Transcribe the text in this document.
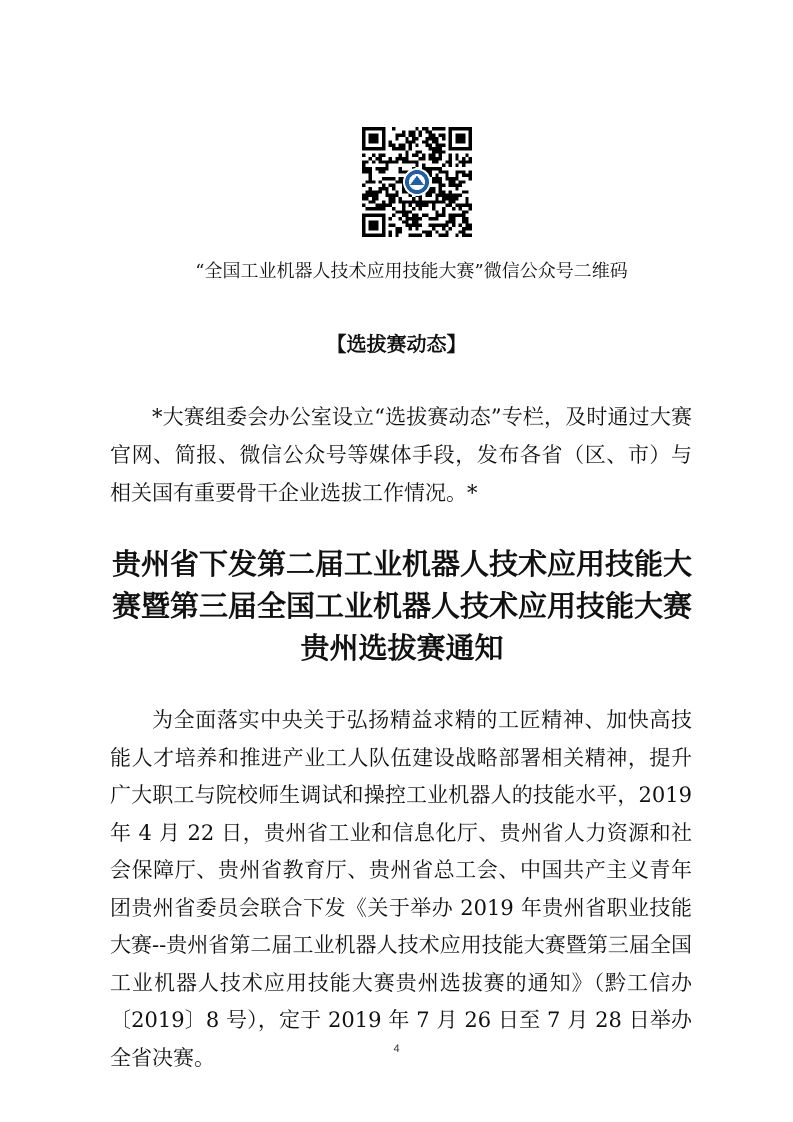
“全国工业机器人技术应用技能大赛”微信公众号二维码
【选拔赛动态】
*大赛组委会办公室设立“选拔赛动态”专栏，及时通过大赛官网、简报、微信公众号等媒体手段，发布各省（区、市）与相关国有重要骨干企业选拔工作情况。*
贵州省下发第二届工业机器人技术应用技能大赛暨第三届全国工业机器人技术应用技能大赛贵州选拔赛通知
为全面落实中央关于弘扬精益求精的工匠精神、加快高技能人才培养和推进产业工人队伍建设战略部署相关精神，提升广大职工与院校师生调试和操控工业机器人的技能水平，2019 年 4 月 22 日，贵州省工业和信息化厅、贵州省人力资源和社会保障厅、贵州省教育厅、贵州省总工会、中国共产主义青年团贵州省委员会联合下发《关于举办 2019 年贵州省职业技能大赛--贵州省第二届工业机器人技术应用技能大赛暨第三届全国工业机器人技术应用技能大赛贵州选拔赛的通知》（黔工信办〔2019〕8 号），定于 2019 年 7 月 26 日至 7 月 28 日举办全省决赛。	4
